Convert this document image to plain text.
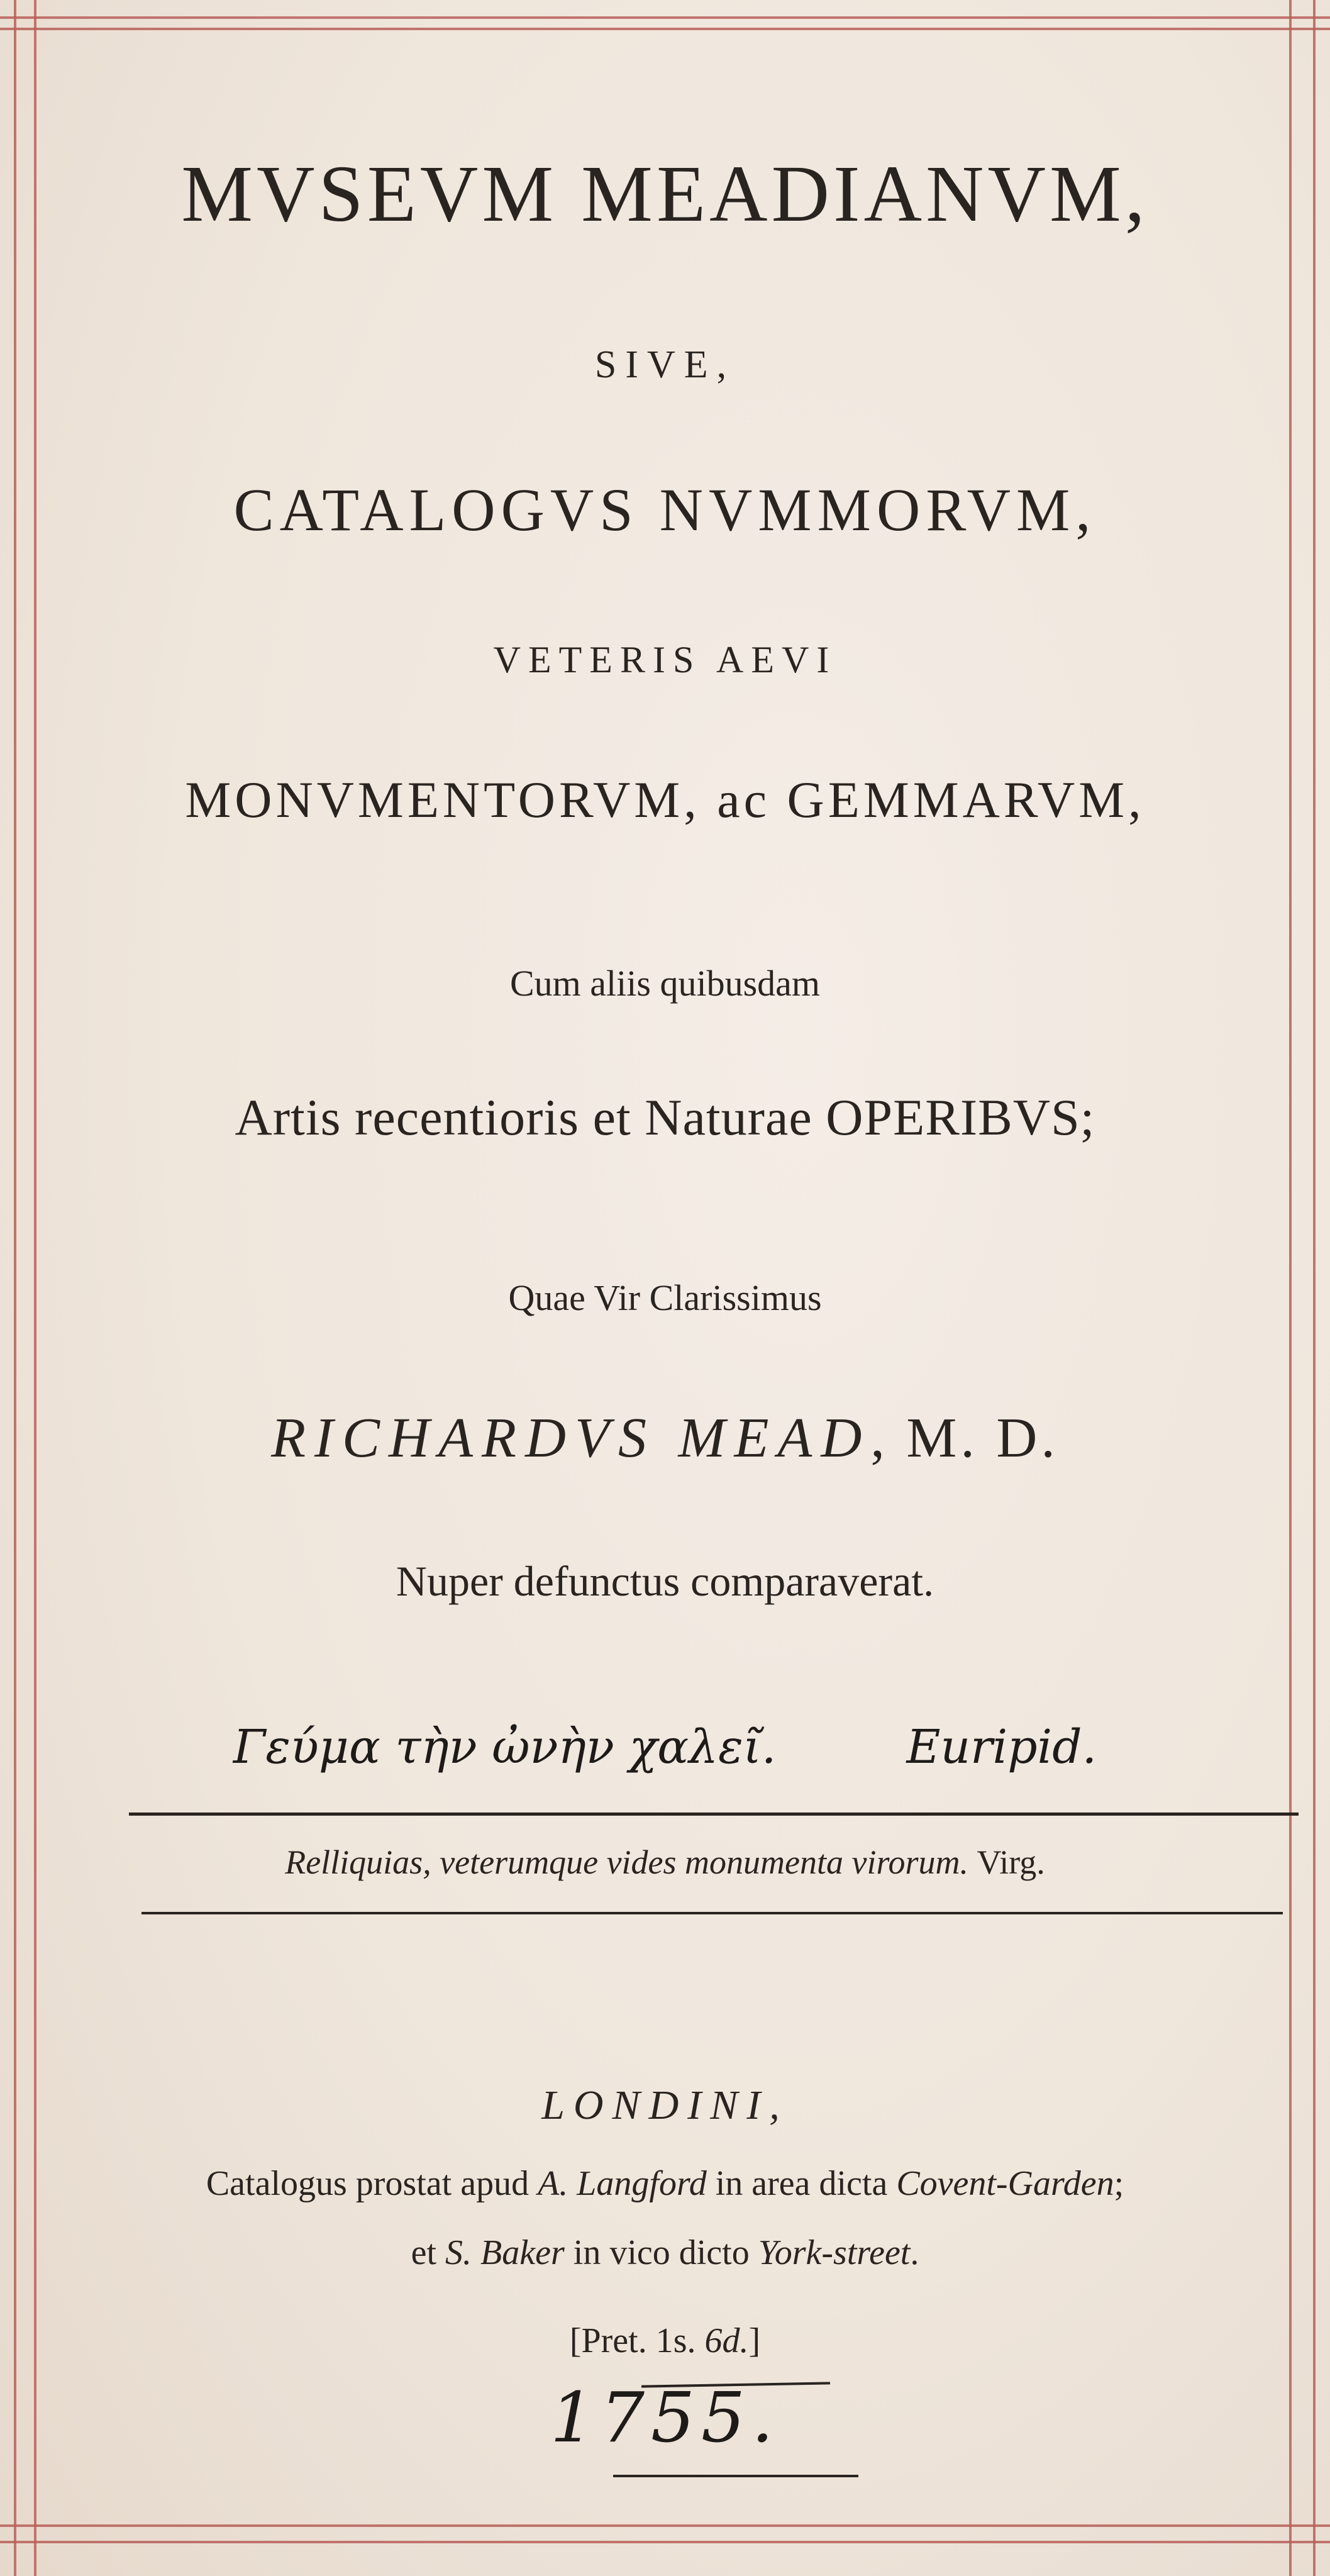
MVSEVM MEADIANVM,
SIVE,
CATALOGVS NVMMORVM,
VETERIS AEVI
MONVMENTORVM, ac GEMMARVM,
Cum aliis quibusdam
Artis recentioris et Naturae OPERIBVS;
Quae Vir Clarissimus
RICHARDVS MEAD, M. D.
Nuper defunctus comparaverat.
Γεύμα τὴν ὠνὴν χαλεῖ.	Euripid.
Relliquias, veterumque vides monumenta virorum. Virg.
LONDINI,
Catalogus prostat apud A. Langford in area dicta Covent-Garden;
et S. Baker in vico dicto York-street.
[Pret. 1s. 6d.]
1755.
